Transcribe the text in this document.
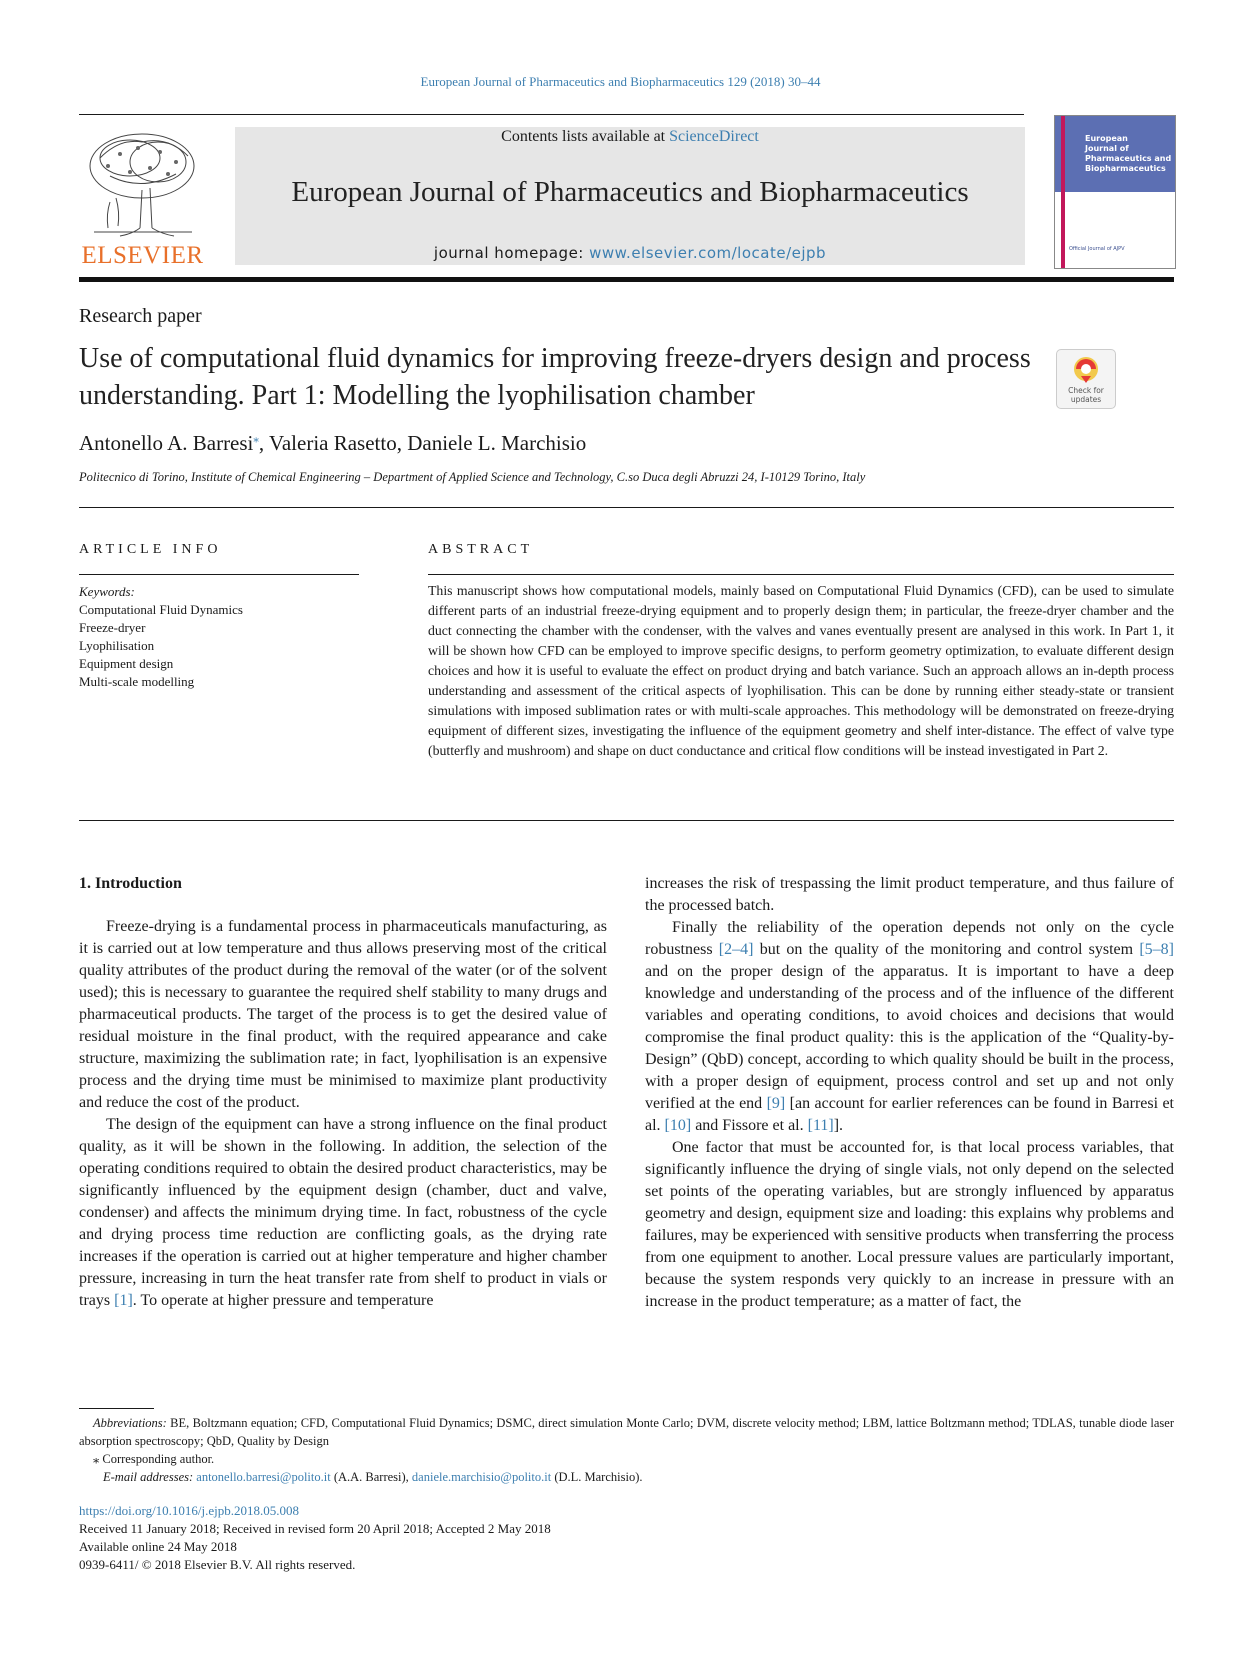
European Journal of Pharmaceutics and Biopharmaceutics 129 (2018) 30–44
ELSEVIER
Contents lists available at ScienceDirect
European Journal of Pharmaceutics and Biopharmaceutics
journal homepage: www.elsevier.com/locate/ejpb
European
Journal of
Pharmaceutics and
Biopharmaceutics
Official Journal of AJPV
Research paper
Use of computational fluid dynamics for improving freeze-dryers design and process understanding. Part 1: Modelling the lyophilisation chamber	Check for updates
Antonello A. Barresi⁎, Valeria Rasetto, Daniele L. Marchisio
Politecnico di Torino, Institute of Chemical Engineering – Department of Applied Science and Technology, C.so Duca degli Abruzzi 24, I-10129 Torino, Italy
ARTICLE INFO
Keywords:
Computational Fluid Dynamics
Freeze-dryer
Lyophilisation
Equipment design
Multi-scale modelling
ABSTRACT
This manuscript shows how computational models, mainly based on Computational Fluid Dynamics (CFD), can be used to simulate different parts of an industrial freeze-drying equipment and to properly design them; in particular, the freeze-dryer chamber and the duct connecting the chamber with the condenser, with the valves and vanes eventually present are analysed in this work. In Part 1, it will be shown how CFD can be employed to improve specific designs, to perform geometry optimization, to evaluate different design choices and how it is useful to evaluate the effect on product drying and batch variance. Such an approach allows an in-depth process understanding and assessment of the critical aspects of lyophilisation. This can be done by running either steady-state or transient simulations with imposed sublimation rates or with multi-scale approaches. This methodology will be demonstrated on freeze-drying equipment of different sizes, investigating the influence of the equipment geometry and shelf inter-distance. The effect of valve type (butterfly and mushroom) and shape on duct conductance and critical flow conditions will be instead investigated in Part 2.
1. Introduction

Freeze-drying is a fundamental process in pharmaceuticals manufacturing, as it is carried out at low temperature and thus allows preserving most of the critical quality attributes of the product during the removal of the water (or of the solvent used); this is necessary to guarantee the required shelf stability to many drugs and pharmaceutical products. The target of the process is to get the desired value of residual moisture in the final product, with the required appearance and cake structure, maximizing the sublimation rate; in fact, lyophilisation is an expensive process and the drying time must be minimised to maximize plant productivity and reduce the cost of the product.

The design of the equipment can have a strong influence on the final product quality, as it will be shown in the following. In addition, the selection of the operating conditions required to obtain the desired product characteristics, may be significantly influenced by the equipment design (chamber, duct and valve, condenser) and affects the minimum drying time. In fact, robustness of the cycle and drying process time reduction are conflicting goals, as the drying rate increases if the operation is carried out at higher temperature and higher chamber pressure, increasing in turn the heat transfer rate from shelf to product in vials or trays [1]. To operate at higher pressure and temperature

increases the risk of trespassing the limit product temperature, and thus failure of the processed batch.

Finally the reliability of the operation depends not only on the cycle robustness [2–4] but on the quality of the monitoring and control system [5–8] and on the proper design of the apparatus. It is important to have a deep knowledge and understanding of the process and of the influence of the different variables and operating conditions, to avoid choices and decisions that would compromise the final product quality: this is the application of the “Quality-by-Design” (QbD) concept, according to which quality should be built in the process, with a proper design of equipment, process control and set up and not only verified at the end [9] [an account for earlier references can be found in Barresi et al. [10] and Fissore et al. [11]].

One factor that must be accounted for, is that local process variables, that significantly influence the drying of single vials, not only depend on the selected set points of the operating variables, but are strongly influenced by apparatus geometry and design, equipment size and loading: this explains why problems and failures, may be experienced with sensitive products when transferring the process from one equipment to another. Local pressure values are particularly important, because the system responds very quickly to an increase in pressure with an increase in the product temperature; as a matter of fact, the

Abbreviations: BE, Boltzmann equation; CFD, Computational Fluid Dynamics; DSMC, direct simulation Monte Carlo; DVM, discrete velocity method; LBM, lattice Boltzmann method; TDLAS, tunable diode laser absorption spectroscopy; QbD, Quality by Design
⁎ Corresponding author.
E-mail addresses: antonello.barresi@polito.it (A.A. Barresi), daniele.marchisio@polito.it (D.L. Marchisio).
https://doi.org/10.1016/j.ejpb.2018.05.008
Received 11 January 2018; Received in revised form 20 April 2018; Accepted 2 May 2018
Available online 24 May 2018
0939-6411/ © 2018 Elsevier B.V. All rights reserved.
